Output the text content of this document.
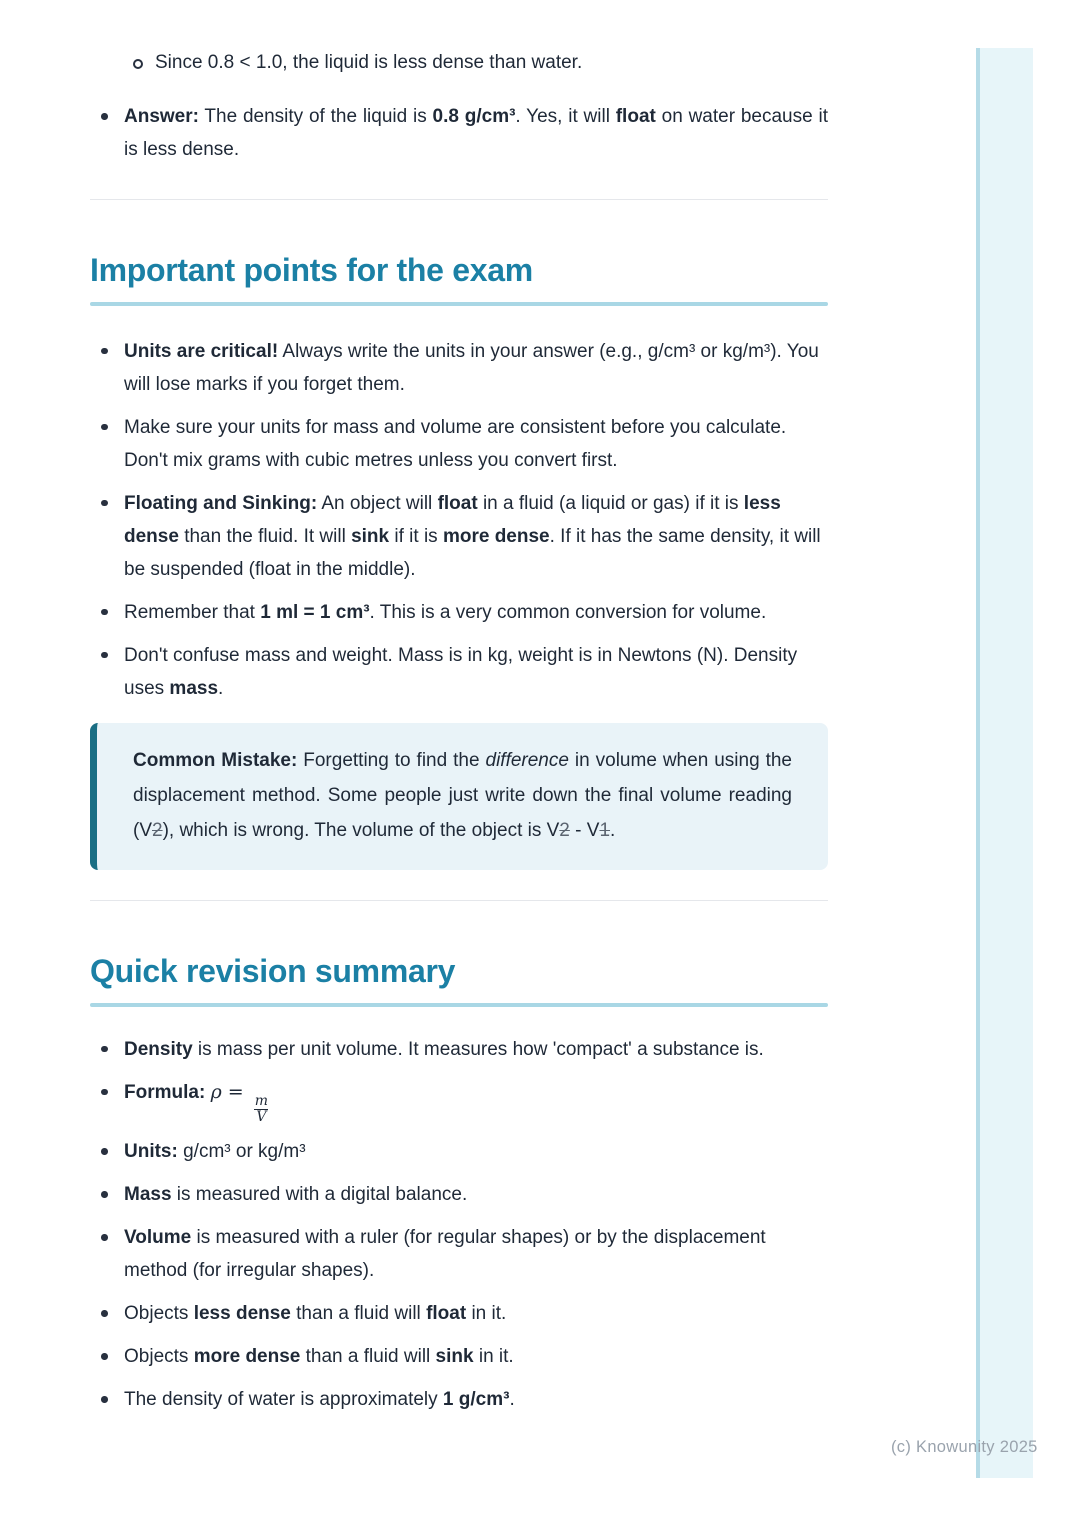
Since 0.8 < 1.0, the liquid is less dense than water.
Answer: The density of the liquid is 0.8 g/cm³. Yes, it will float on water because it is less dense.
Important points for the exam
Units are critical! Always write the units in your answer (e.g., g/cm³ or kg/m³). You will lose marks if you forget them.
Make sure your units for mass and volume are consistent before you calculate. Don't mix grams with cubic metres unless you convert first.
Floating and Sinking: An object will float in a fluid (a liquid or gas) if it is less dense than the fluid. It will sink if it is more dense. If it has the same density, it will be suspended (float in the middle).
Remember that 1 ml = 1 cm³. This is a very common conversion for volume.
Don't confuse mass and weight. Mass is in kg, weight is in Newtons (N). Density uses mass.
Common Mistake: Forgetting to find the difference in volume when using the displacement method. Some people just write down the final volume reading (V2), which is wrong. The volume of the object is V2 - V1.
Quick revision summary
Density is mass per unit volume. It measures how 'compact' a substance is.
Formula: ρ =
$\frac{m}{V}$
Units: g/cm³ or kg/m³
Mass is measured with a digital balance.
Volume is measured with a ruler (for regular shapes) or by the displacement method (for irregular shapes).
Objects less dense than a fluid will float in it.
Objects more dense than a fluid will sink in it.
The density of water is approximately 1 g/cm³.
(c) Knowunity 2025
